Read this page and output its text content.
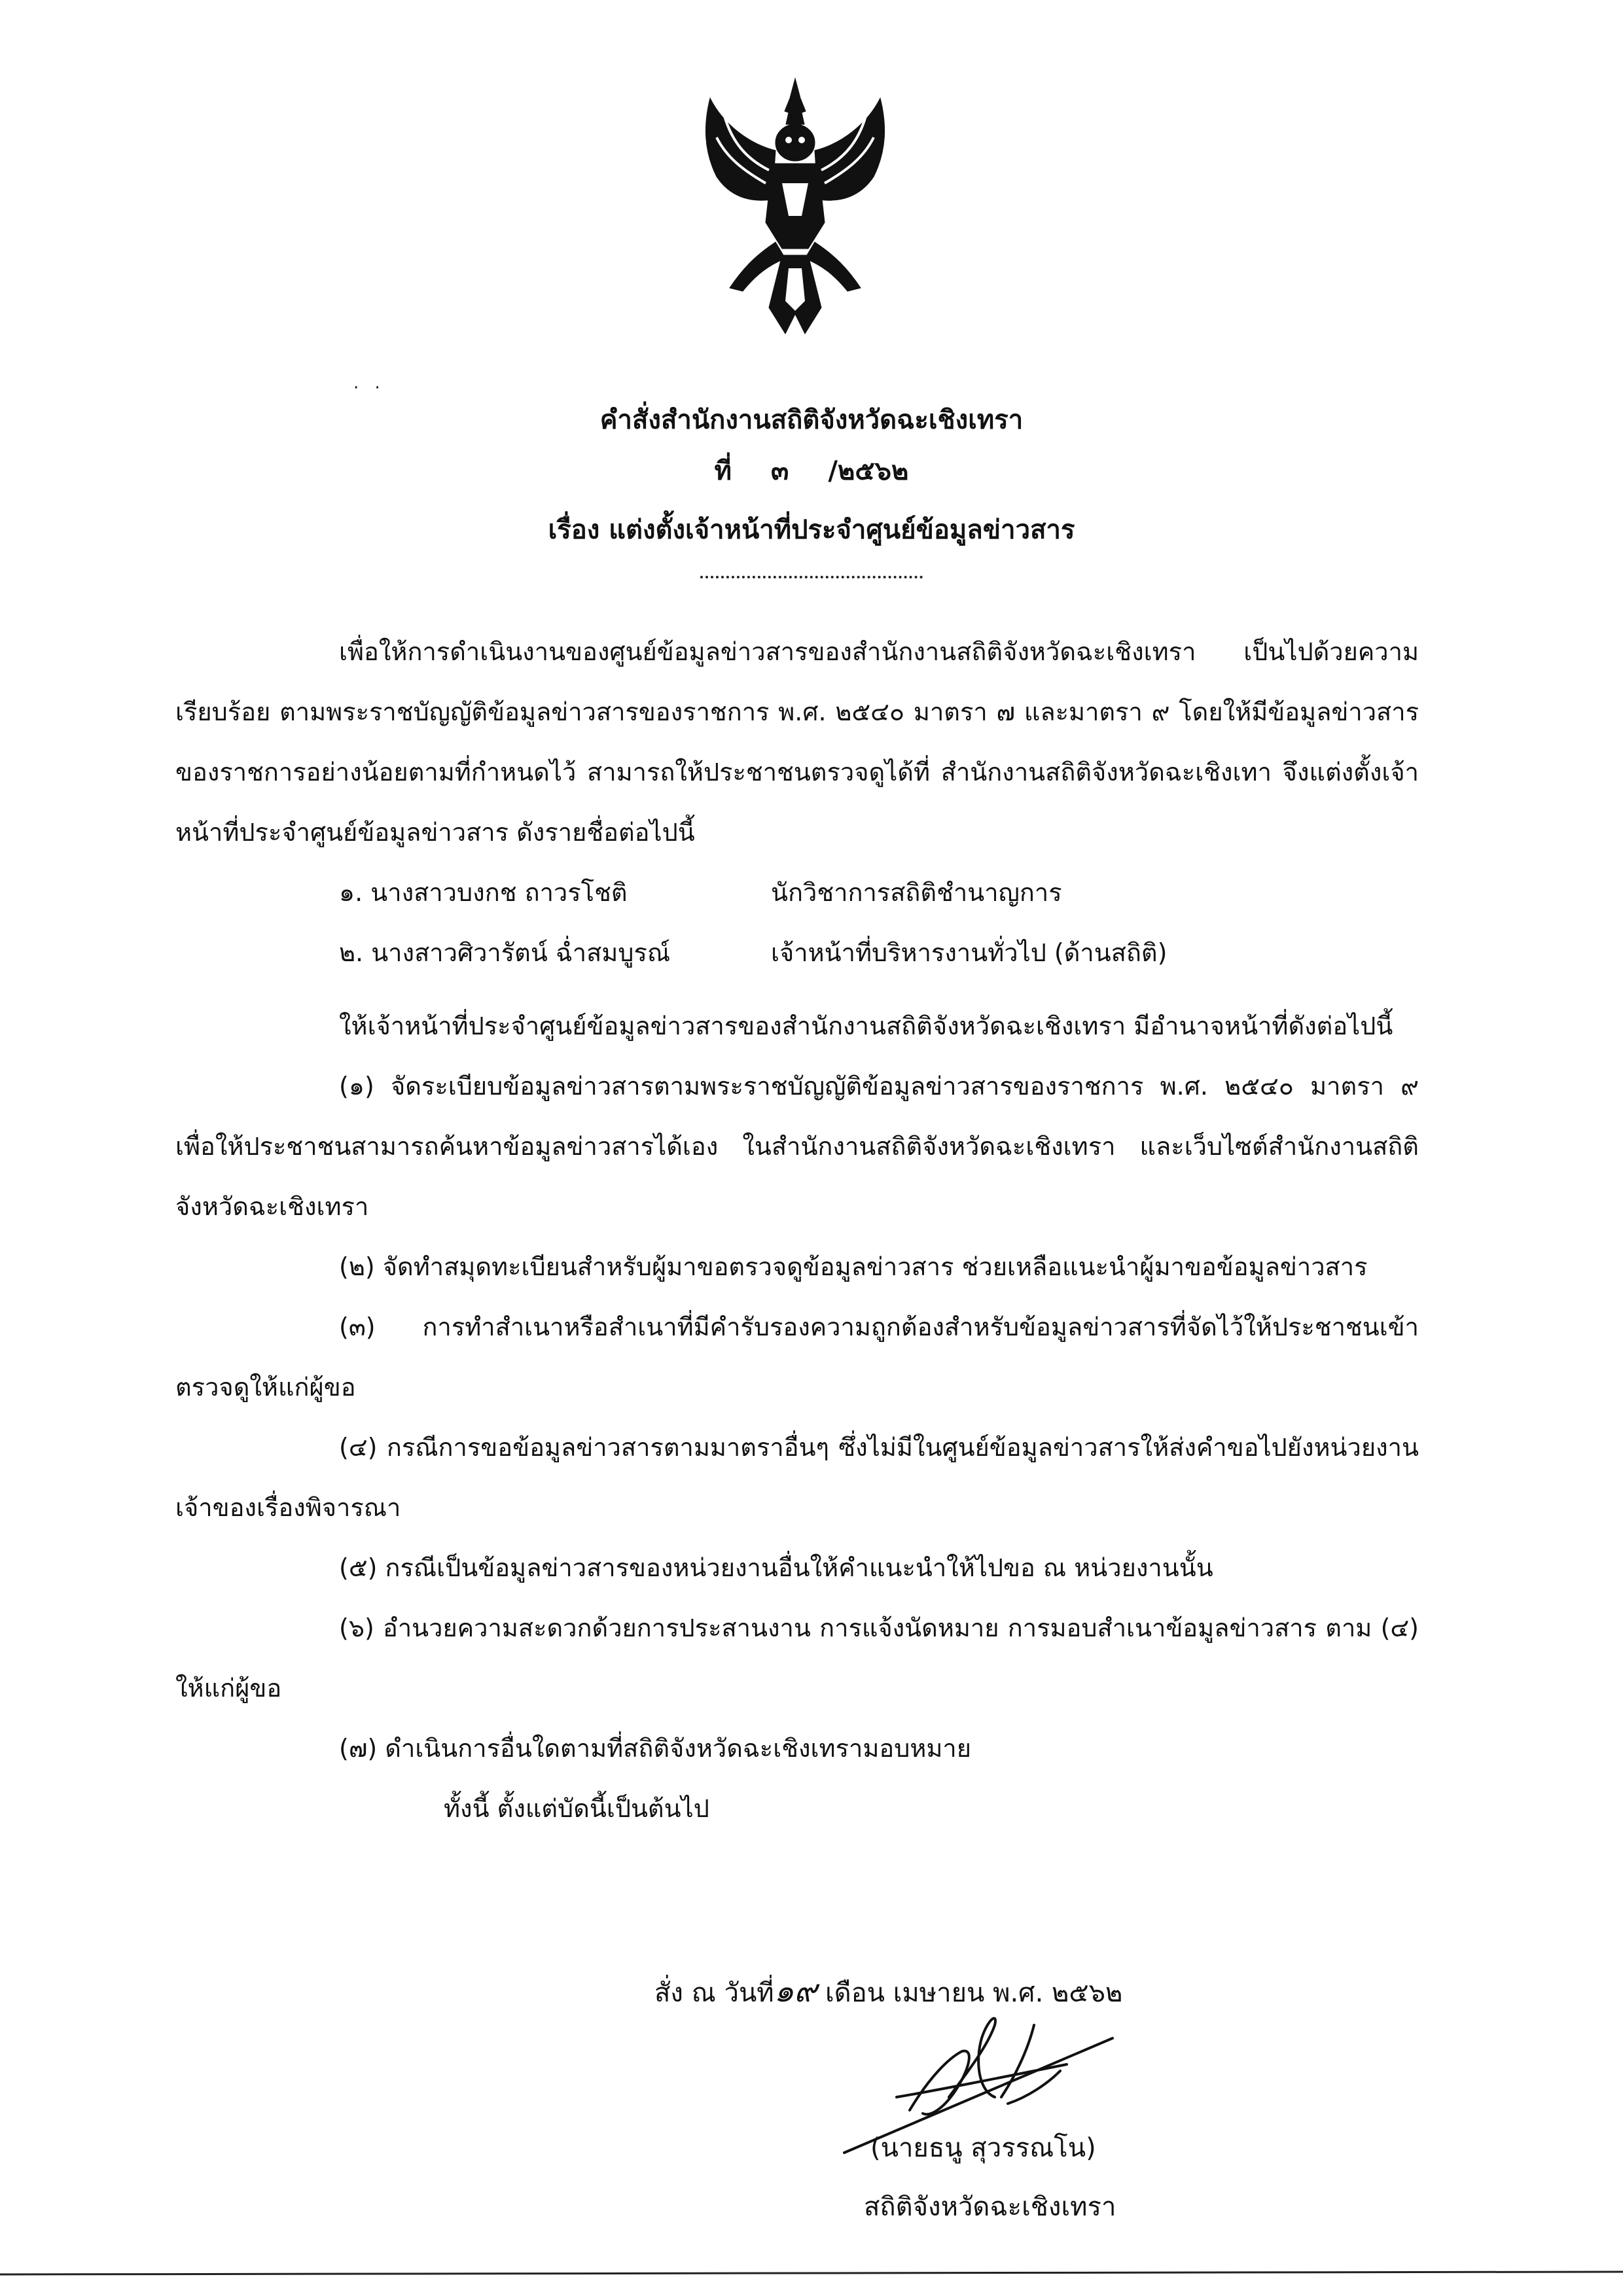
· ·
คำสั่งสำนักงานสถิติจังหวัดฉะเชิงเทรา
ที่ ๓ /๒๕๖๒
เรื่อง แต่งตั้งเจ้าหน้าที่ประจำศูนย์ข้อมูลข่าวสาร

เพื่อให้การดำเนินงานของศูนย์ข้อมูลข่าวสารของสำนักงานสถิติจังหวัดฉะเชิงเทรา เป็นไปด้วยความเรียบร้อย ตามพระราชบัญญัติข้อมูลข่าวสารของราชการ พ.ศ. ๒๕๔๐ มาตรา ๗ และมาตรา ๙ โดยให้มีข้อมูลข่าวสารของราชการอย่างน้อยตามที่กำหนดไว้ สามารถให้ประชาชนตรวจดูได้ที่ สำนักงานสถิติจังหวัดฉะเชิงเทา จึงแต่งตั้งเจ้าหน้าที่ประจำศูนย์ข้อมูลข่าวสาร ดังรายชื่อต่อไปนี้

๑. นางสาวบงกช ถาวรโชติ	นักวิชาการสถิติชำนาญการ
๒. นางสาวศิวารัตน์ ฉ่ำสมบูรณ์	เจ้าหน้าที่บริหารงานทั่วไป (ด้านสถิติ)

ให้เจ้าหน้าที่ประจำศูนย์ข้อมูลข่าวสารของสำนักงานสถิติจังหวัดฉะเชิงเทรา มีอำนาจหน้าที่ดังต่อไปนี้

(๑) จัดระเบียบข้อมูลข่าวสารตามพระราชบัญญัติข้อมูลข่าวสารของราชการ พ.ศ. ๒๕๔๐ มาตรา ๙ เพื่อให้ประชาชนสามารถค้นหาข้อมูลข่าวสารได้เอง ในสำนักงานสถิติจังหวัดฉะเชิงเทรา และเว็บไซต์สำนักงานสถิติจังหวัดฉะเชิงเทรา

(๒) จัดทำสมุดทะเบียนสำหรับผู้มาขอตรวจดูข้อมูลข่าวสาร ช่วยเหลือแนะนำผู้มาขอข้อมูลข่าวสาร

(๓) การทำสำเนาหรือสำเนาที่มีคำรับรองความถูกต้องสำหรับข้อมูลข่าวสารที่จัดไว้ให้ประชาชนเข้าตรวจดูให้แก่ผู้ขอ

(๔) กรณีการขอข้อมูลข่าวสารตามมาตราอื่นๆ ซึ่งไม่มีในศูนย์ข้อมูลข่าวสารให้ส่งคำขอไปยังหน่วยงานเจ้าของเรื่องพิจารณา

(๕) กรณีเป็นข้อมูลข่าวสารของหน่วยงานอื่นให้คำแนะนำให้ไปขอ ณ หน่วยงานนั้น

(๖) อำนวยความสะดวกด้วยการประสานงาน การแจ้งนัดหมาย การมอบสำเนาข้อมูลข่าวสาร ตาม (๔) ให้แก่ผู้ขอ

(๗) ดำเนินการอื่นใดตามที่สถิติจังหวัดฉะเชิงเทรามอบหมาย

ทั้งนี้ ตั้งแต่บัดนี้เป็นต้นไป

สั่ง ณ วันที่๑๙ เดือน เมษายน พ.ศ. ๒๕๖๒
(นายธนู สุวรรณโน)
สถิติจังหวัดฉะเชิงเทรา
